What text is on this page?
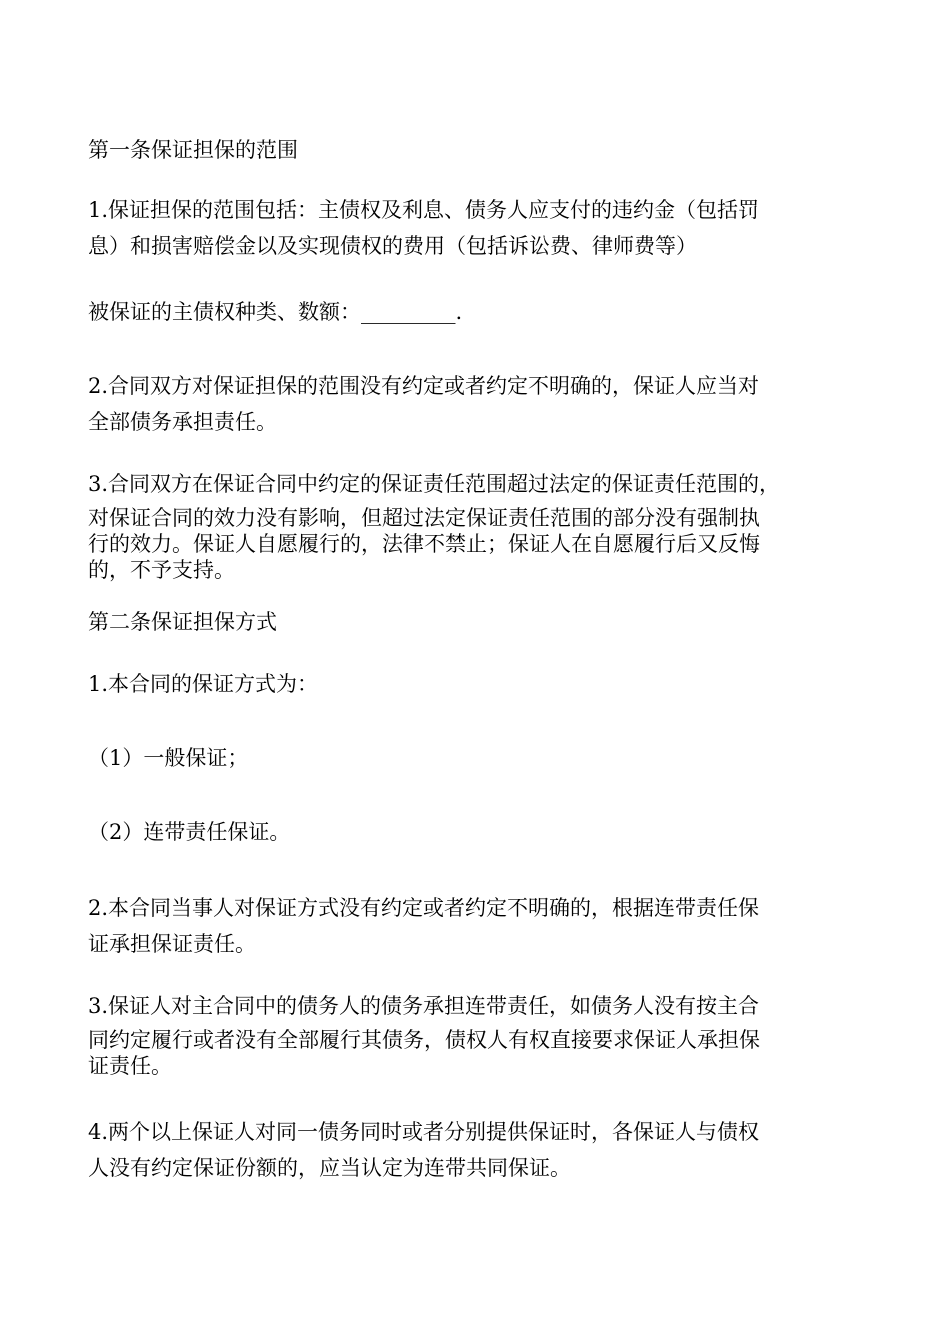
第一条保证担保的范围
1.保证担保的范围包括：主债权及利息、债务人应支付的违约金（包括罚
息）和损害赔偿金以及实现债权的费用（包括诉讼费、律师费等）
被保证的主债权种类、数额：_________.
2.合同双方对保证担保的范围没有约定或者约定不明确的，保证人应当对
全部债务承担责任。
3.合同双方在保证合同中约定的保证责任范围超过法定的保证责任范围的，
对保证合同的效力没有影响，但超过法定保证责任范围的部分没有强制执
行的效力。保证人自愿履行的，法律不禁止；保证人在自愿履行后又反悔
的，不予支持。
第二条保证担保方式
1.本合同的保证方式为：
（1）一般保证；
（2）连带责任保证。
2.本合同当事人对保证方式没有约定或者约定不明确的，根据连带责任保
证承担保证责任。
3.保证人对主合同中的债务人的债务承担连带责任，如债务人没有按主合
同约定履行或者没有全部履行其债务，债权人有权直接要求保证人承担保
证责任。
4.两个以上保证人对同一债务同时或者分别提供保证时，各保证人与债权
人没有约定保证份额的，应当认定为连带共同保证。
